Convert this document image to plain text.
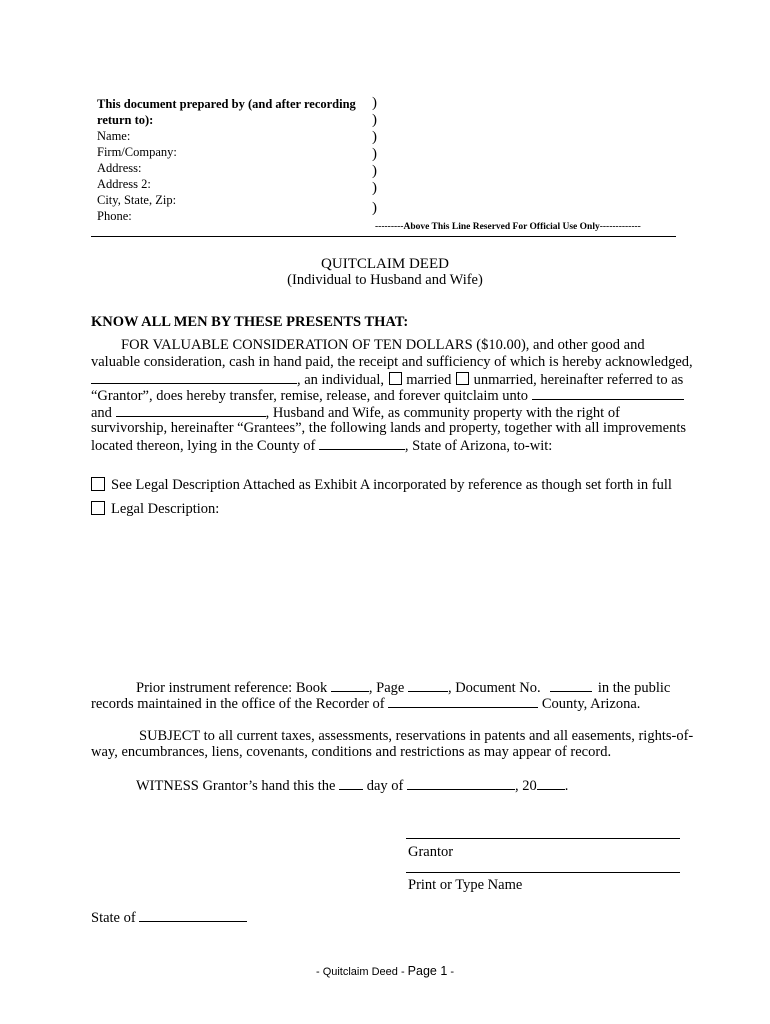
This document prepared by (and after recording
return to):
Name:
Firm/Company:
Address:
Address 2:
City, State, Zip:
Phone:
)
)
)
)
)
)
)
---------Above This Line Reserved For Official Use Only-------------
QUITCLAIM DEED
(Individual to Husband and Wife)
KNOW ALL MEN BY THESE PRESENTS THAT:
FOR VALUABLE CONSIDERATION OF TEN DOLLARS ($10.00), and other good and
valuable consideration, cash in hand paid, the receipt and sufficiency of which is hereby acknowledged,
, an individual, married unmarried, hereinafter referred to as
“Grantor”, does hereby transfer, remise, release, and forever quitclaim unto
and	, Husband and Wife, as community property with the right of
survivorship, hereinafter “Grantees”, the following lands and property, together with all improvements
located thereon, lying in the County of	, State of Arizona, to-wit:
See Legal Description Attached as Exhibit A incorporated by reference as though set forth in full
Legal Description:
Prior instrument reference: Book	, Page	, Document No.	in the public
records maintained in the office of the Recorder of	County, Arizona.
SUBJECT to all current taxes, assessments, reservations in patents and all easements, rights-of-
way, encumbrances, liens, covenants, conditions and restrictions as may appear of record.
WITNESS Grantor’s hand this the day of	, 20 .
Grantor
Print or Type Name
State of
- Quitclaim Deed - Page 1 -
